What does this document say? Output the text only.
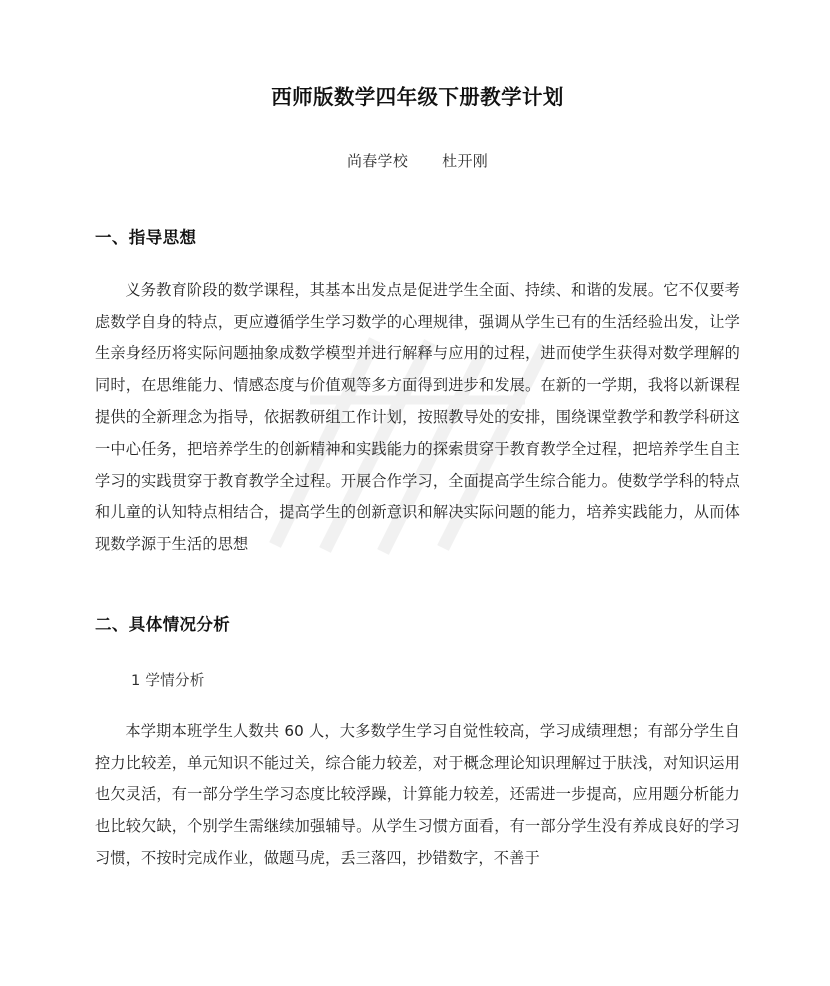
西师版数学四年级下册教学计划

尚春学校 杜开刚

一、指导思想

义务教育阶段的数学课程，其基本出发点是促进学生全面、持续、和谐的发展。它不仅要考虑数学自身的特点，更应遵循学生学习数学的心理规律，强调从学生已有的生活经验出发，让学生亲身经历将实际问题抽象成数学模型并进行解释与应用的过程，进而使学生获得对数学理解的同时，在思维能力、情感态度与价值观等多方面得到进步和发展。在新的一学期，我将以新课程提供的全新理念为指导，依据教研组工作计划，按照教导处的安排，围绕课堂教学和教学科研这一中心任务，把培养学生的创新精神和实践能力的探索贯穿于教育教学全过程，把培养学生自主学习的实践贯穿于教育教学全过程。开展合作学习，全面提高学生综合能力。使数学学科的特点和儿童的认知特点相结合，提高学生的创新意识和解决实际问题的能力，培养实践能力，从而体现数学源于生活的思想

二、具体情况分析

1 学情分析

本学期本班学生人数共 60 人，大多数学生学习自觉性较高，学习成绩理想；有部分学生自控力比较差，单元知识不能过关，综合能力较差，对于概念理论知识理解过于肤浅，对知识运用也欠灵活，有一部分学生学习态度比较浮躁，计算能力较差，还需进一步提高，应用题分析能力也比较欠缺，个别学生需继续加强辅导。从学生习惯方面看，有一部分学生没有养成良好的学习习惯，不按时完成作业，做题马虎，丢三落四，抄错数字，不善于
